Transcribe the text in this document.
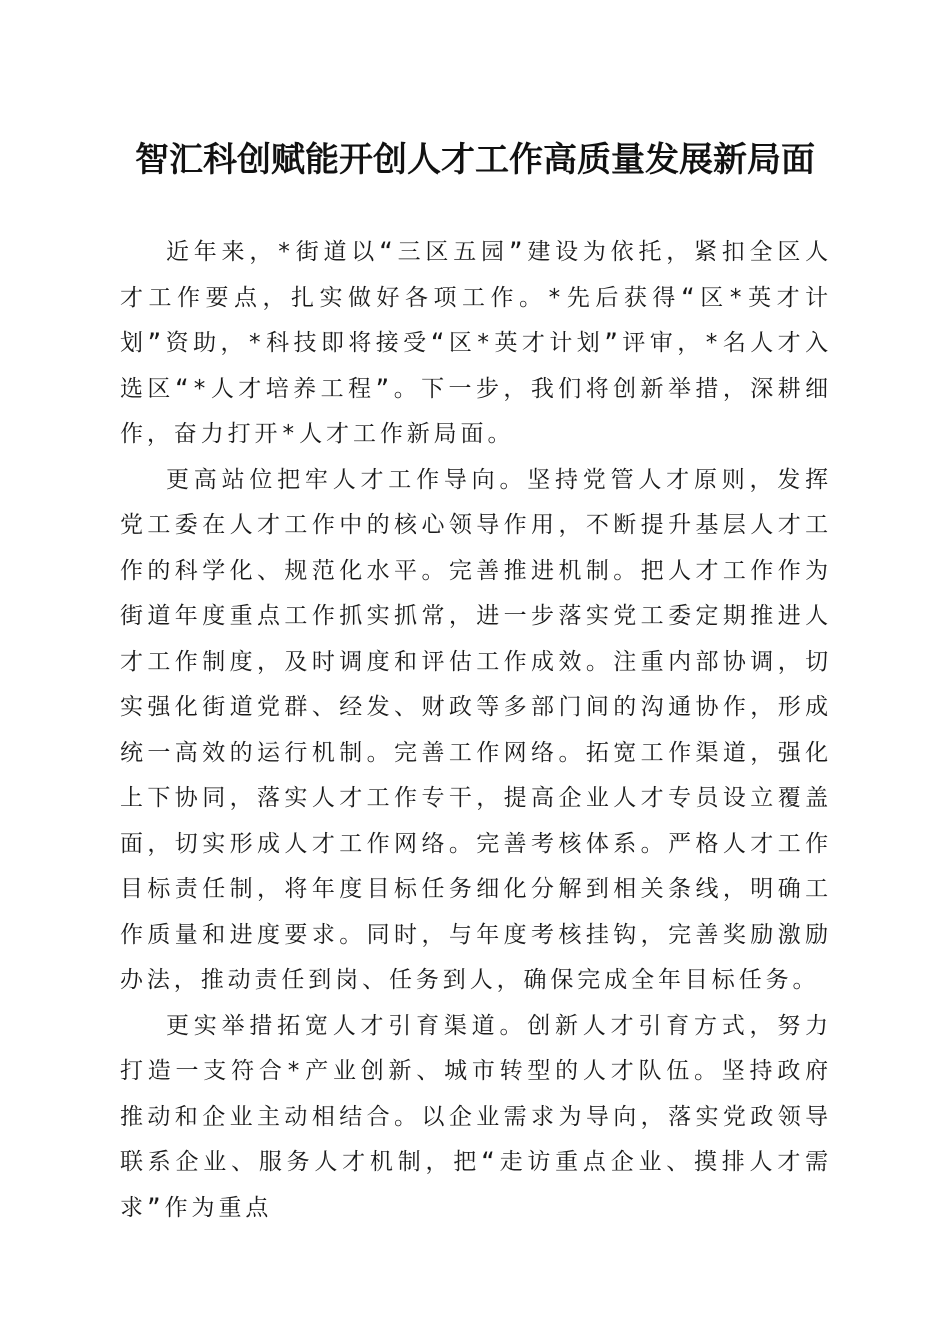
智汇科创赋能开创人才工作高质量发展新局面

近年来，*街道以“三区五园”建设为依托，紧扣全区人才工作要点，扎实做好各项工作。*先后获得“区*英才计划”资助，*科技即将接受“区*英才计划”评审，*名人才入选区“*人才培养工程”。下一步，我们将创新举措，深耕细作，奋力打开*人才工作新局面。

更高站位把牢人才工作导向。坚持党管人才原则，发挥党工委在人才工作中的核心领导作用，不断提升基层人才工作的科学化、规范化水平。完善推进机制。把人才工作作为街道年度重点工作抓实抓常，进一步落实党工委定期推进人才工作制度，及时调度和评估工作成效。注重内部协调，切实强化街道党群、经发、财政等多部门间的沟通协作，形成统一高效的运行机制。完善工作网络。拓宽工作渠道，强化上下协同，落实人才工作专干，提高企业人才专员设立覆盖面，切实形成人才工作网络。完善考核体系。严格人才工作目标责任制，将年度目标任务细化分解到相关条线，明确工作质量和进度要求。同时，与年度考核挂钩，完善奖励激励办法，推动责任到岗、任务到人，确保完成全年目标任务。

更实举措拓宽人才引育渠道。创新人才引育方式，努力打造一支符合*产业创新、城市转型的人才队伍。坚持政府推动和企业主动相结合。以企业需求为导向，落实党政领导联系企业、服务人才机制，把“走访重点企业、摸排人才需求”作为重点
